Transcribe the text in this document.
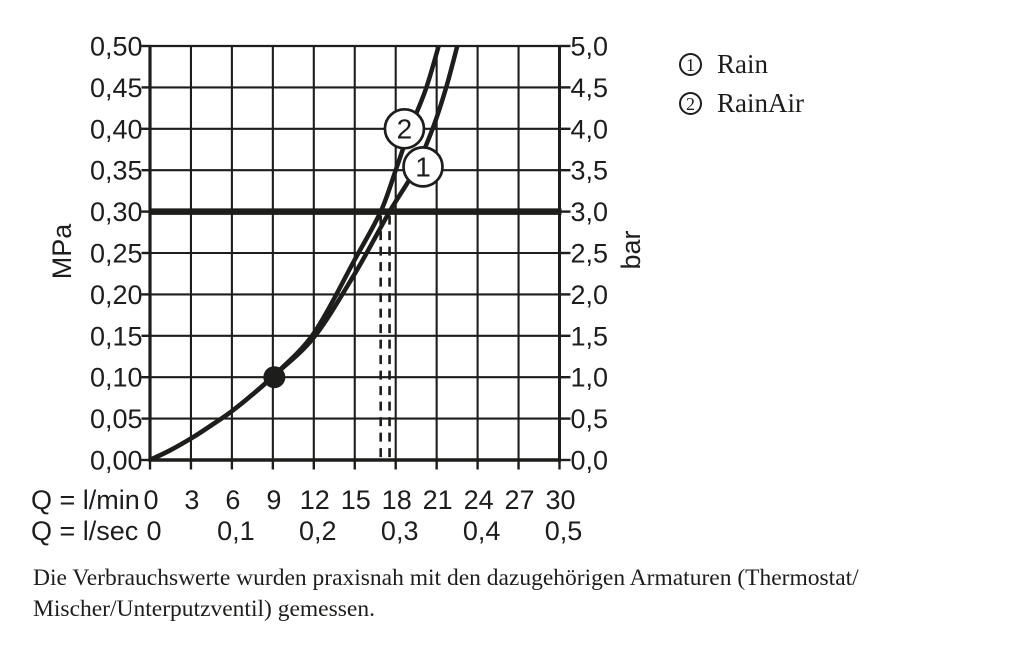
1
2
0,50
0,45
0,40
0,35
0,30
0,25
0,20
0,15
0,10
0,05
0,00
5,0
4,5
4,0
3,5
3,0
2,5
2,0
1,5
1,0
0,5
0,0
MPa	bar
0 3 6 9 12 15 18 21 24 27 30
0 0,1 0,2 0,3 0,4 0,5
Q = l/min
Q = l/sec
1 Rain
2 RainAir
Die Verbrauchswerte wurden praxisnah mit den dazugehörigen Armaturen (Thermostat/
Mischer/Unterputzventil) gemessen.
